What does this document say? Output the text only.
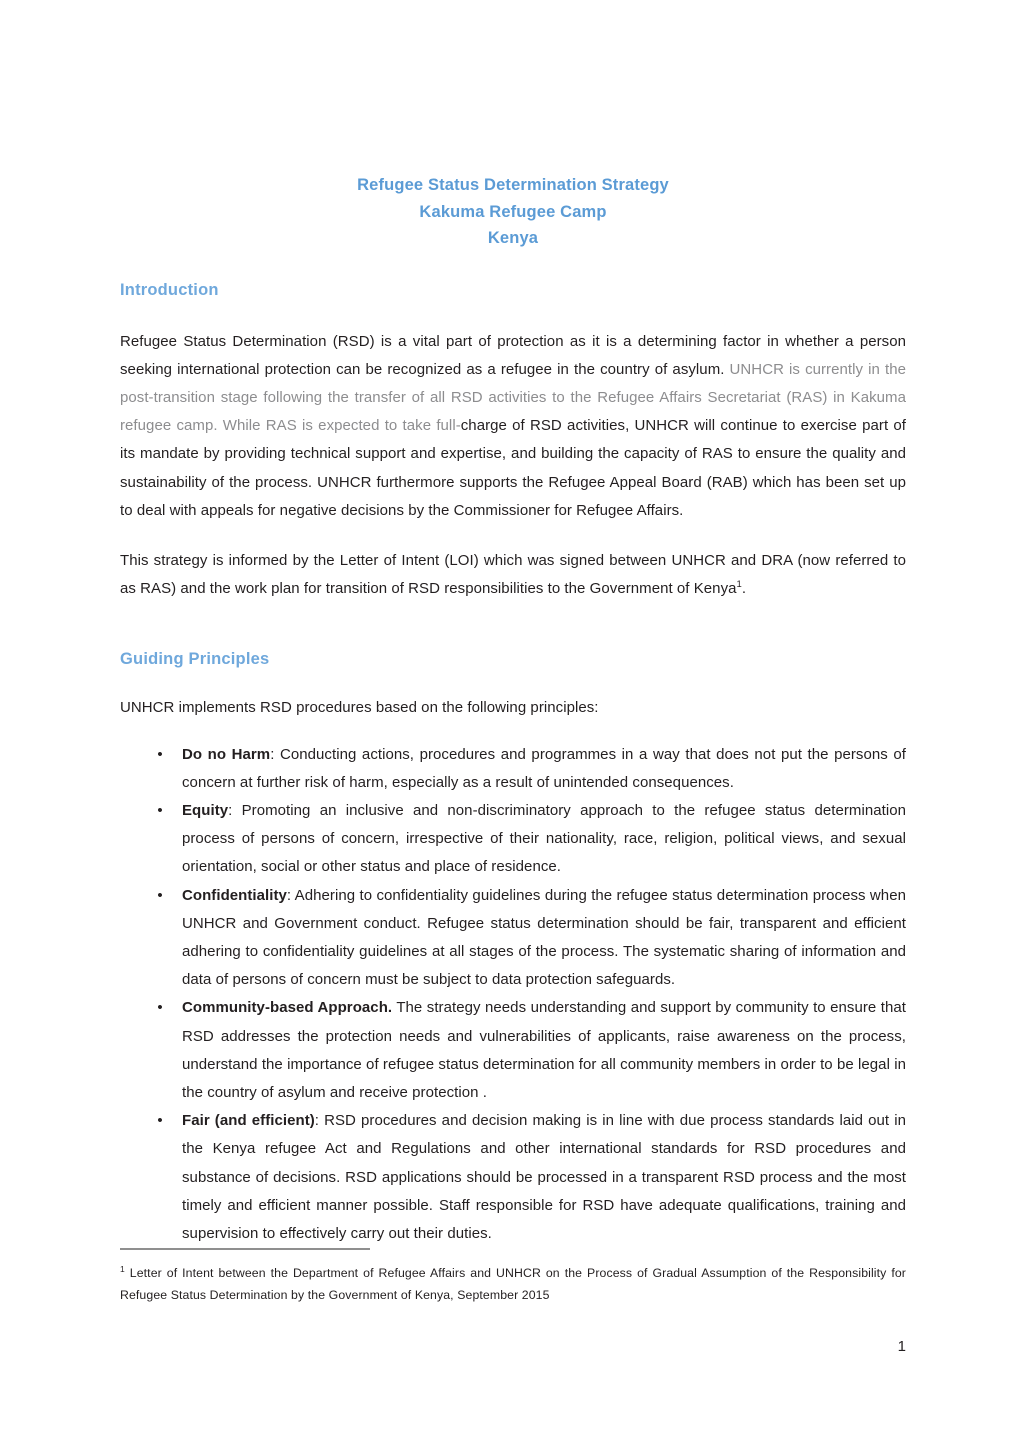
Refugee Status Determination Strategy
Kakuma Refugee Camp
Kenya
Introduction

Refugee Status Determination (RSD) is a vital part of protection as it is a determining factor in whether a person seeking international protection can be recognized as a refugee in the country of asylum. UNHCR is currently in the post-transition stage following the transfer of all RSD activities to the Refugee Affairs Secretariat (RAS) in Kakuma refugee camp. While RAS is expected to take full-charge of RSD activities, UNHCR will continue to exercise part of its mandate by providing technical support and expertise, and building the capacity of RAS to ensure the quality and sustainability of the process. UNHCR furthermore supports the Refugee Appeal Board (RAB) which has been set up to deal with appeals for negative decisions by the Commissioner for Refugee Affairs.

This strategy is informed by the Letter of Intent (LOI) which was signed between UNHCR and DRA (now referred to as RAS) and the work plan for transition of RSD responsibilities to the Government of Kenya$^1$.

Guiding Principles

UNHCR implements RSD procedures based on the following principles:

• Do no Harm: Conducting actions, procedures and programmes in a way that does not put the persons of concern at further risk of harm, especially as a result of unintended consequences.
• Equity: Promoting an inclusive and non-discriminatory approach to the refugee status determination process of persons of concern, irrespective of their nationality, race, religion, political views, and sexual orientation, social or other status and place of residence.
• Confidentiality: Adhering to confidentiality guidelines during the refugee status determination process when UNHCR and Government conduct. Refugee status determination should be fair, transparent and efficient adhering to confidentiality guidelines at all stages of the process. The systematic sharing of information and data of persons of concern must be subject to data protection safeguards.
• Community-based Approach. The strategy needs understanding and support by community to ensure that RSD addresses the protection needs and vulnerabilities of applicants, raise awareness on the process, understand the importance of refugee status determination for all community members in order to be legal in the country of asylum and receive protection .
• Fair (and efficient): RSD procedures and decision making is in line with due process standards laid out in the Kenya refugee Act and Regulations and other international standards for RSD procedures and substance of decisions. RSD applications should be processed in a transparent RSD process and the most timely and efficient manner possible. Staff responsible for RSD have adequate qualifications, training and supervision to effectively carry out their duties.

$^1$ Letter of Intent between the Department of Refugee Affairs and UNHCR on the Process of Gradual Assumption of the Responsibility for Refugee Status Determination by the Government of Kenya, September 2015

1
